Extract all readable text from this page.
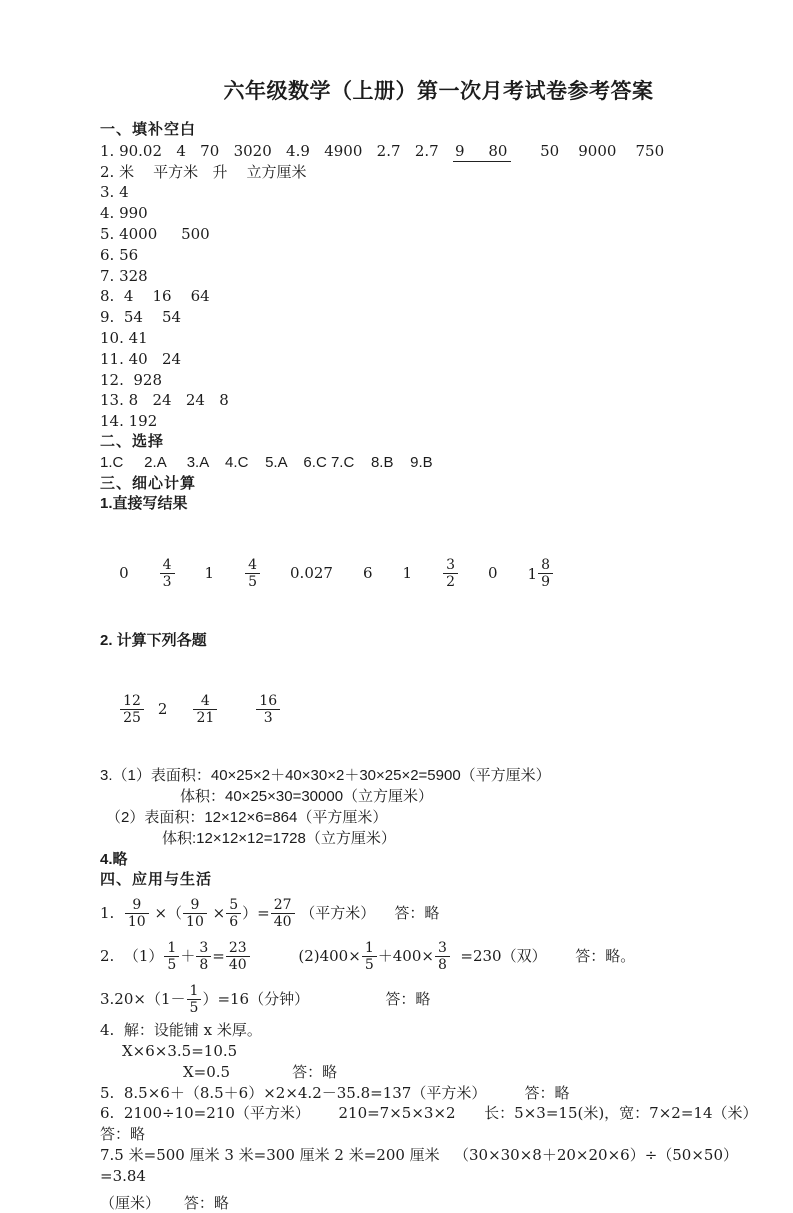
六年级数学（上册）第一次月考试卷参考答案
一、填补空白
1. 90.02   4   70   3020   4.9   4900   2.7   2.7   9     80      50    9000    750
2. 米    平方米   升    立方厘米
3. 4
4. 990
5. 4000     500
6. 56
7. 328
8.  4    16    64
9.  54    54
10. 41
11. 40   24
12.  928
13. 8   24   24   8
14. 192
二、选择
1.C     2.A     3.A    4.C    5.A    6.C 7.C    8.B    9.B
三、细心计算
1.直接写结果

$0 \frac{4}{3} 1 \frac{4}{5} 0.027$ 6 $1 \frac{3}{2} 0$ $1 \frac{8}{9}$

2. 计算下列各题

$\frac{12}{25} 2 \frac{4}{21}$	$\frac{16}{3}$

3.（1）表面积：40×25×2＋40×30×2＋30×25×2=5900（平方厘米）
体积：40×25×30=30000（立方厘米）
（2）表面积：12×12×6=864（平方厘米）
体积:12×12×12=1728（立方厘米）
4.略
四、应用与生活
1. $\frac{9}{10}$ ×（ $\frac{9}{10} \times \frac{5}{6}$ ）= $\frac{27}{40}$ （平方米）    答：略
2.  $(1) \frac{1}{5} + \frac{3}{8} = \frac{23}{40} (2)400\times \frac{1}{5} +400\times \frac{3}{8} =230$（双）      答：略。
$3.20\times(1- \frac{1}{5} )=16$（分钟）                答：略
4.  解：设能铺 x 米厚。
X×6×3.5=10.5
X=0.5             答：略
5.  8.5×6＋（8.5＋6）×2×4.2－35.8=137（平方米）        答：略
6.  2100÷10=210（平方米）      210=7×5×3×2      长：5×3=15(米)，宽：7×2=14（米）
答：略
7.5 米=500 厘米 3 米=300 厘米 2 米=200 厘米   （30×30×8＋20×20×6）÷（50×50）=3.84
（厘米）     答：略
